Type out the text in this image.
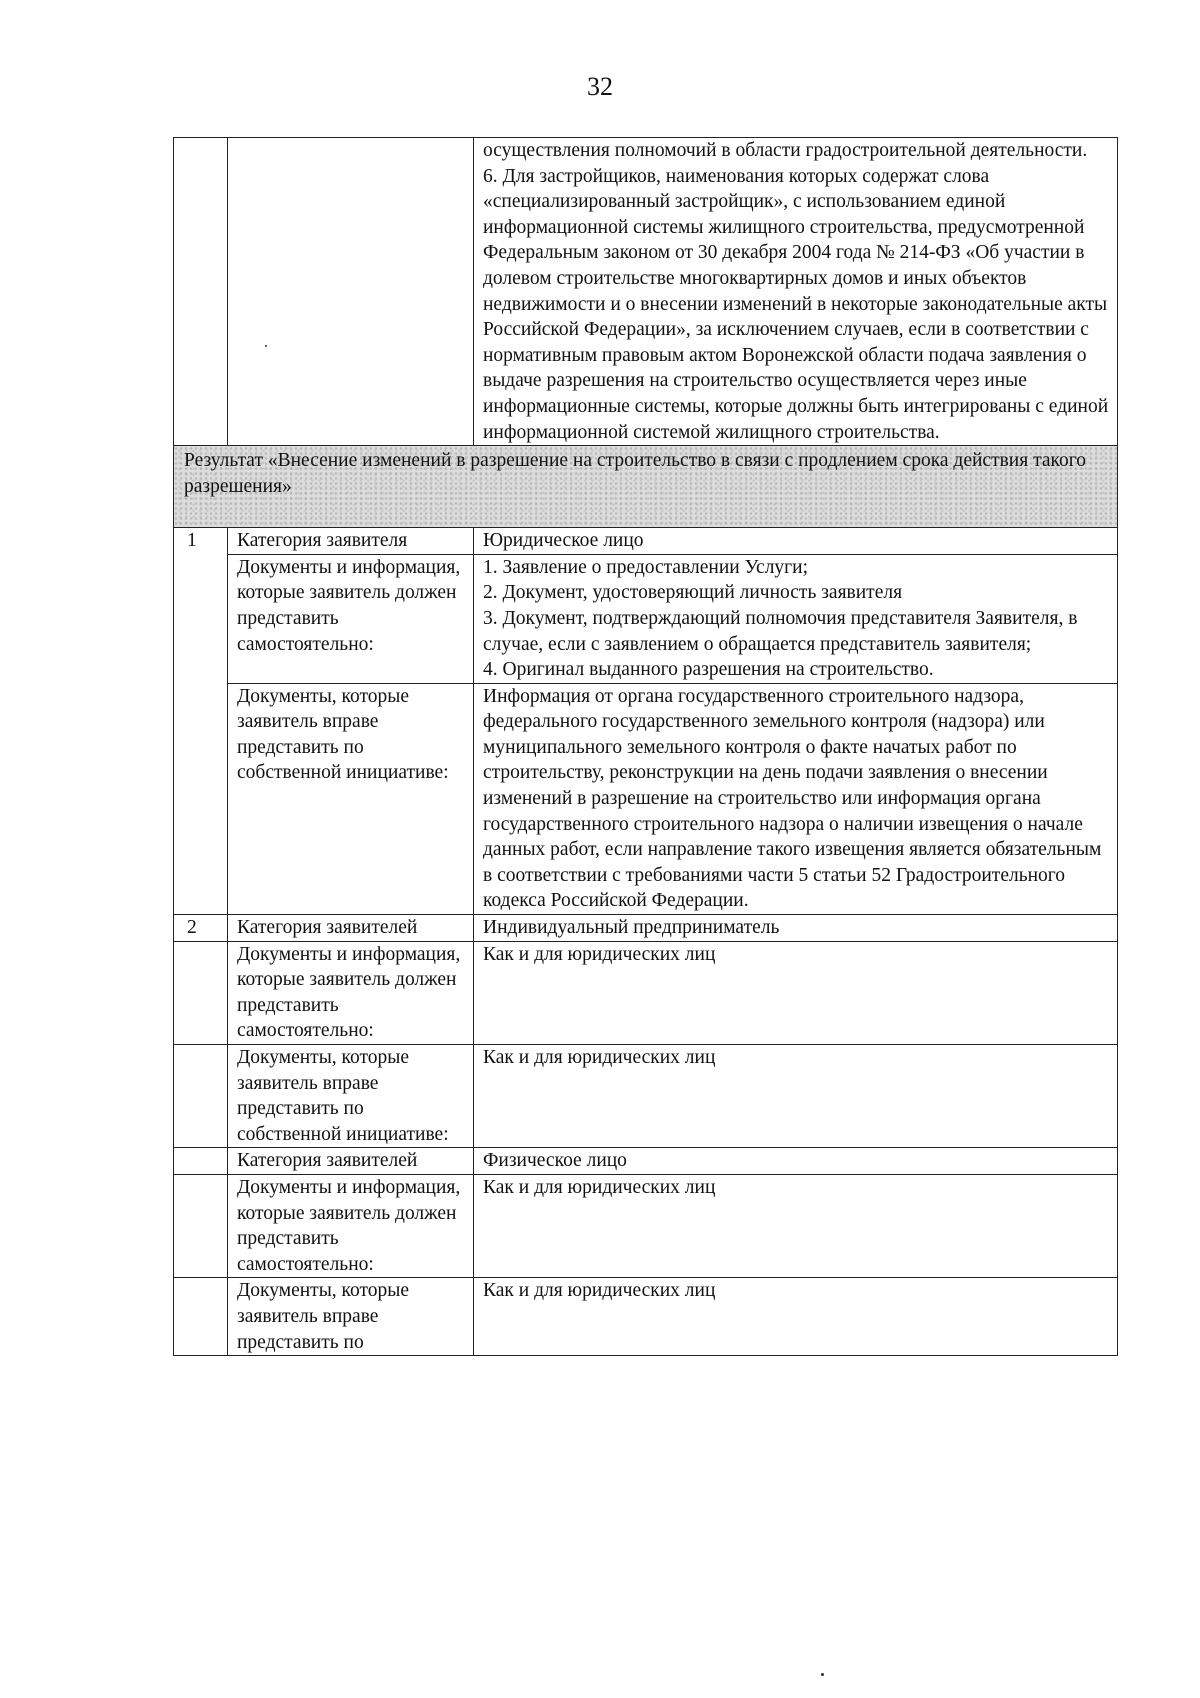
32
		осуществления полномочий в области градостроительной деятельности.
6. Для застройщиков, наименования которых содержат слова «специализированный застройщик», с использованием единой информационной системы жилищного строительства, предусмотренной Федеральным законом от 30 декабря 2004 года № 214-ФЗ «Об участии в долевом строительстве многоквартирных домов и иных объектов недвижимости и о внесении изменений в некоторые законодательные акты Российской Федерации», за исключением случаев, если в соответствии с нормативным правовым актом Воронежской области подача заявления о выдаче разрешения на строительство осуществляется через иные информационные системы, которые должны быть интегрированы с единой информационной системой жилищного строительства.
Результат «Внесение изменений в разрешение на строительство в связи с продлением срока действия такого разрешения»		
1	Категория заявителя	Юридическое лицо
	Документы и информация, которые заявитель должен представить самостоятельно:	1. Заявление о предоставлении Услуги;
2. Документ, удостоверяющий личность заявителя
3. Документ, подтверждающий полномочия представителя Заявителя, в случае, если с заявлением о обращается представитель заявителя;
4. Оригинал выданного разрешения на строительство.
	Документы, которые заявитель вправе представить по собственной инициативе:	Информация от органа государственного строительного надзора, федерального государственного земельного контроля (надзора) или муниципального земельного контроля о факте начатых работ по строительству, реконструкции на день подачи заявления о внесении изменений в разрешение на строительство или информация органа государственного строительного надзора о наличии извещения о начале данных работ, если направление такого извещения является обязательным в соответствии с требованиями части 5 статьи 52 Градостроительного кодекса Российской Федерации.
2	Категория заявителей	Индивидуальный предприниматель
	Документы и информация, которые заявитель должен представить самостоятельно:	Как и для юридических лиц
	Документы, которые заявитель вправе представить по собственной инициативе:	Как и для юридических лиц
	Категория заявителей	Физическое лицо
	Документы и информация, которые заявитель должен представить самостоятельно:	Как и для юридических лиц
	Документы, которые заявитель вправе представить по	Как и для юридических лиц
